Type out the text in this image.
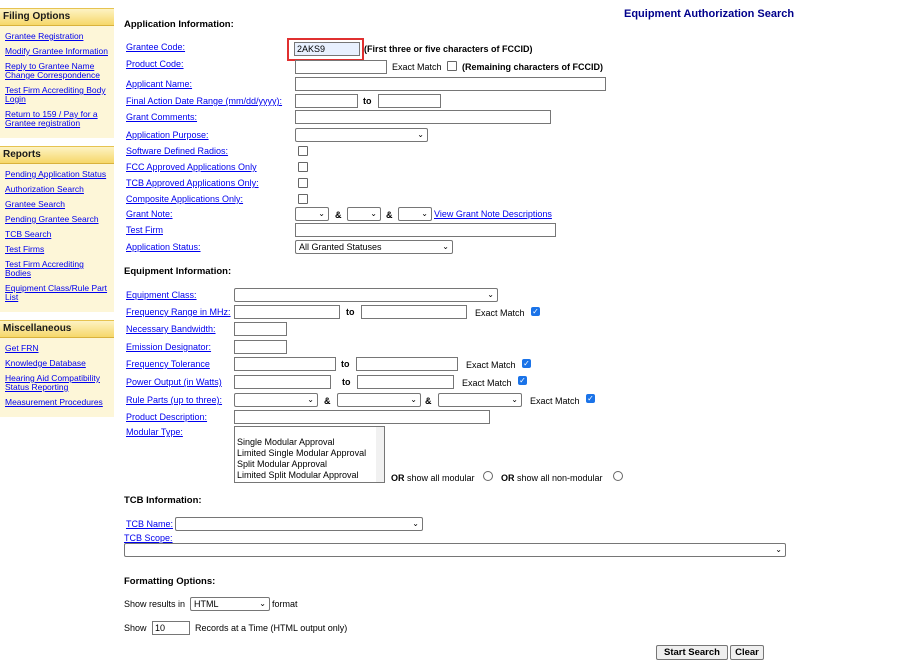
Filing Options
Grantee Registration
Modify Grantee Information
Reply to Grantee Name Change Correspondence
Test Firm Accrediting Body Login
Return to 159 / Pay for a Grantee registration
Reports
Pending Application Status
Authorization Search
Grantee Search
Pending Grantee Search
TCB Search
Test Firms
Test Firm Accrediting Bodies
Equipment Class/Rule Part List
Miscellaneous
Get FRN
Knowledge Database
Hearing Aid Compatibility Status Reporting
Measurement Procedures
Equipment Authorization Search
Application Information:
Grantee Code:	2AKS9	(First three or five characters of FCCID)
Product Code:	Exact Match (Remaining characters of FCCID)
Applicant Name:
Final Action Date Range (mm/dd/yyyy):	to
Grant Comments:
Application Purpose:	⌄
Software Defined Radios:
FCC Approved Applications Only
TCB Approved Applications Only:
Composite Applications Only:
Grant Note:	⌄ &	⌄ &	⌄ View Grant Note Descriptions
Test Firm
Application Status:	All Granted Statuses	⌄
Equipment Information:
Equipment Class:	⌄
Frequency Range in MHz:	to	Exact Match ✓
Necessary Bandwidth:
Emission Designator:
Frequency Tolerance	to	Exact Match ✓
Power Output (in Watts)	to	Exact Match ✓
Rule Parts (up to three):	⌄ &	⌄ &	⌄ Exact Match ✓
Product Description:
Modular Type:
Single Modular Approval
Limited Single Modular Approval
Split Modular Approval
Limited Split Modular Approval	OR show all modular	OR show all non-modular
TCB Information:
TCB Name:	⌄
TCB Scope:
⌄
Formatting Options:
Show results in HTML	⌄ format
Show 10	Records at a Time (HTML output only)
Start Search	Clear
